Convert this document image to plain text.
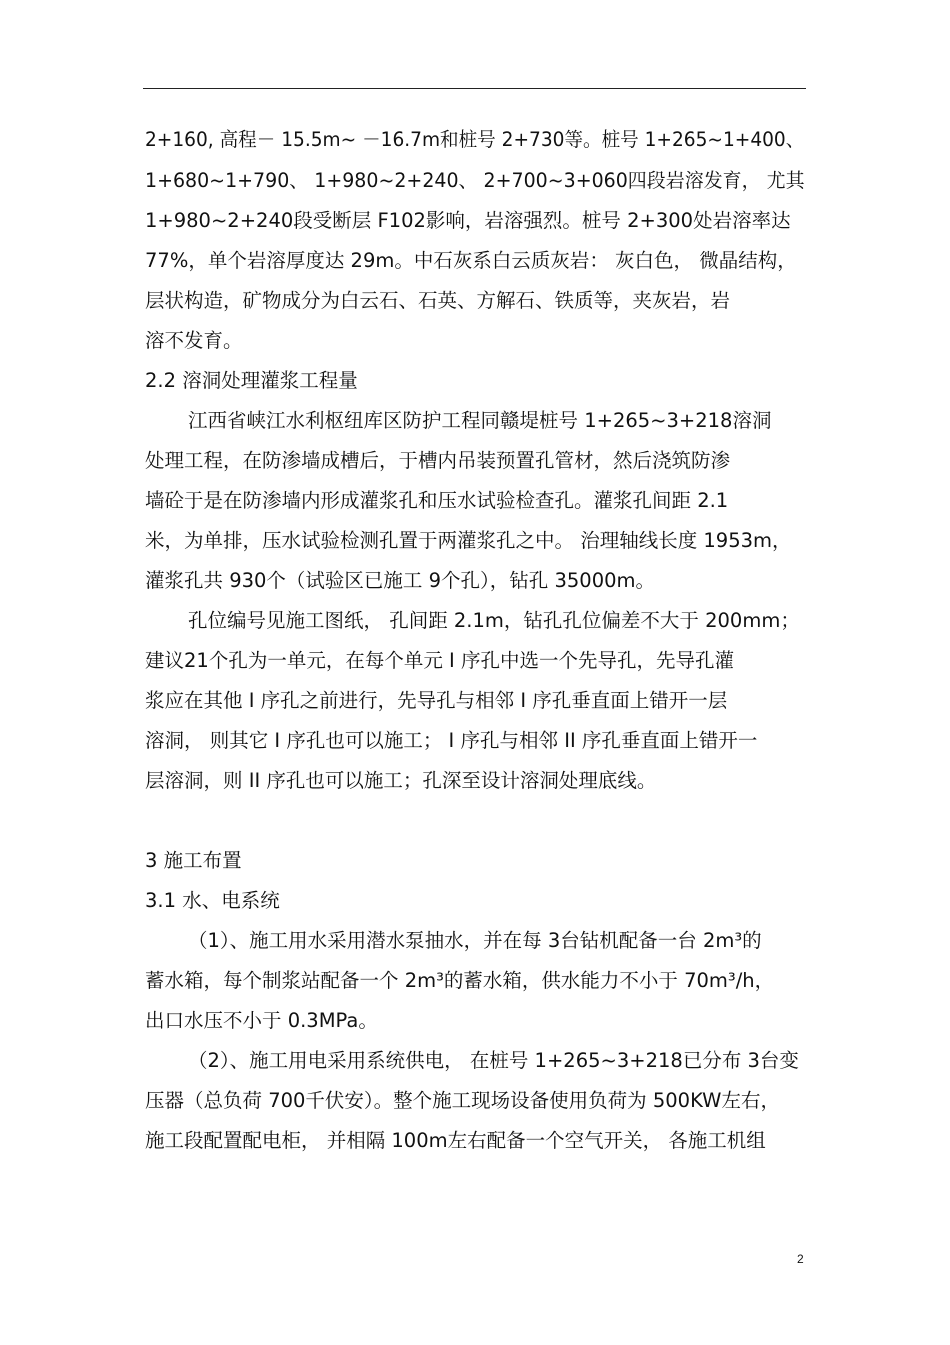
2+160, 高程－ 15.5m~ －16.7m和桩号 2+730等。桩号 1+265~1+400、
1+680~1+790、 1+980~2+240、 2+700~3+060四段岩溶发育， 尤其
1+980~2+240段受断层 F102影响，岩溶强烈。桩号 2+300处岩溶率达
77%，单个岩溶厚度达 29m。中石灰系白云质灰岩： 灰白色， 微晶结构，
层状构造，矿物成分为白云石、石英、方解石、铁质等，夹灰岩，岩
溶不发育。
2.2 溶洞处理灌浆工程量
江西省峡江水利枢纽库区防护工程同赣堤桩号 1+265~3+218溶洞
处理工程，在防渗墙成槽后，于槽内吊装预置孔管材，然后浇筑防渗
墙砼于是在防渗墙内形成灌浆孔和压水试验检查孔。灌浆孔间距 2.1
米，为单排，压水试验检测孔置于两灌浆孔之中。 治理轴线长度 1953m，
灌浆孔共 930个（试验区已施工 9个孔），钻孔 35000m。
孔位编号见施工图纸， 孔间距 2.1m，钻孔孔位偏差不大于 200mm；
建议21个孔为一单元，在每个单元 I 序孔中选一个先导孔，先导孔灌
浆应在其他 I 序孔之前进行，先导孔与相邻 I 序孔垂直面上错开一层
溶洞， 则其它 I 序孔也可以施工； I 序孔与相邻 II 序孔垂直面上错开一
层溶洞，则 II 序孔也可以施工；孔深至设计溶洞处理底线。
3 施工布置
3.1 水、电系统
（1）、施工用水采用潜水泵抽水，并在每 3台钻机配备一台 2m³的
蓄水箱，每个制浆站配备一个 2m³的蓄水箱，供水能力不小于 70m³/h，
出口水压不小于 0.3MPa。
（2）、施工用电采用系统供电， 在桩号 1+265~3+218已分布 3台变
压器（总负荷 700千伏安）。整个施工现场设备使用负荷为 500KW左右，
施工段配置配电柜， 并相隔 100m左右配备一个空气开关， 各施工机组
2
